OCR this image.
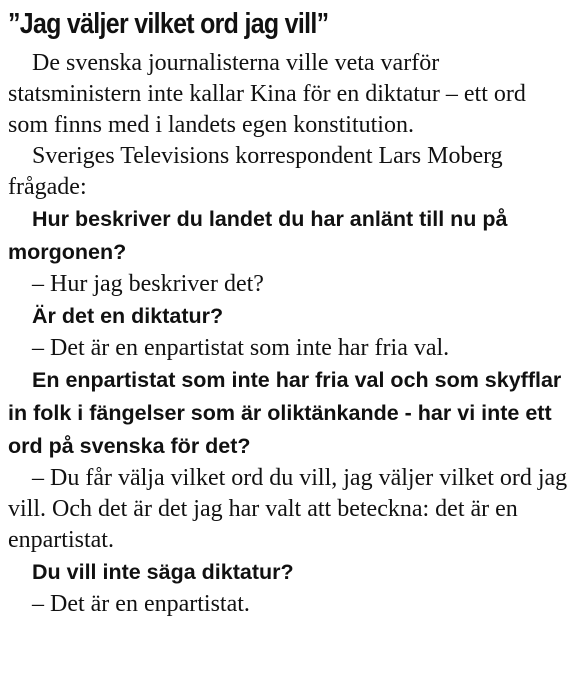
”Jag väljer vilket ord jag vill”

De svenska journalisterna ville veta varför statsministern inte kallar Kina för en diktatur – ett ord som finns med i landets egen konstitution.

Sveriges Televisions korrespondent Lars Moberg frågade:

Hur beskriver du landet du har anlänt till nu på morgonen?

– Hur jag beskriver det?

Är det en diktatur?

– Det är en enpartistat som inte har fria val.

En enpartistat som inte har fria val och som skyfflar in folk i fängelser som är oliktänkande - har vi inte ett ord på svenska för det?

– Du får välja vilket ord du vill, jag väljer vilket ord jag vill. Och det är det jag har valt att beteckna: det är en enpartistat.

Du vill inte säga diktatur?

– Det är en enpartistat.
